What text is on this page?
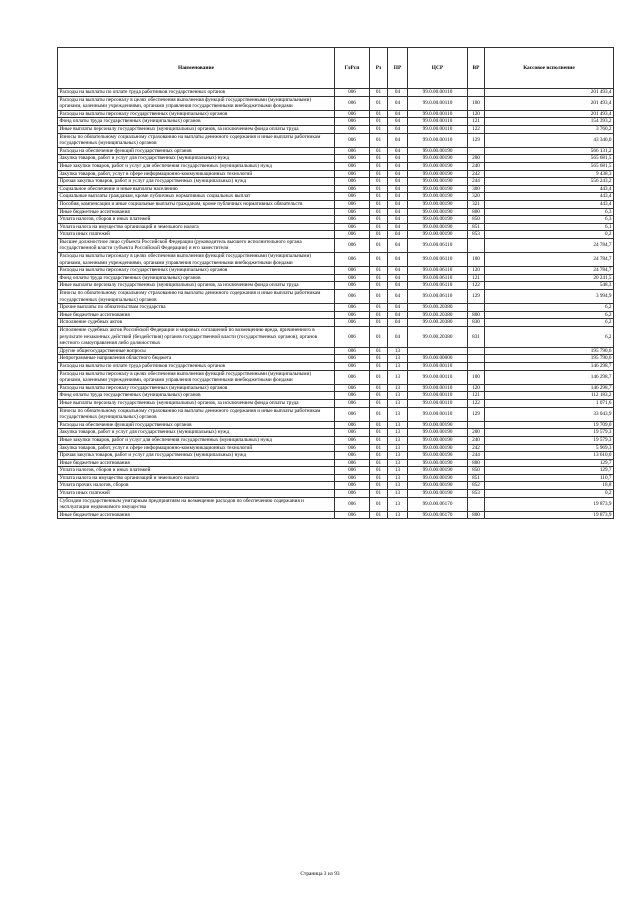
Наименование	ГлРсп	Рз	ПР	ЦСР	ВР	Кассовое исполнение
Расходы на выплаты по оплате труда работников государственных органов	006	01	04	99.0.00.00110		201 493,4
Расходы на выплаты персоналу в целях обеспечения выполнения функций государственными (муниципальными) органами, казенными учреждениями, органами управления государственными внебюджетными фондами	006	01	04	99.0.00.00110	100	201 493,4
Расходы на выплаты персоналу государственных (муниципальных) органов	006	01	04	99.0.00.00110	120	201 493,4
Фонд оплаты труда государственных (муниципальных) органов	006	01	04	99.0.00.00110	121	154 393,2
Иные выплаты персоналу государственных (муниципальных) органов, за исключением фонда оплаты труда	006	01	04	99.0.00.00110	122	3 760,2
Взносы по обязательному социальному страхованию на выплаты денежного содержания и иные выплаты работникам государственных (муниципальных) органов	006	01	04	99.0.00.00110	129	43 340,0
Расходы на обеспечение функций государственных органов	006	01	04	99.0.00.00190		566 131,2
Закупка товаров, работ и услуг для государственных (муниципальных) нужд	006	01	04	99.0.00.00190	200	565 681,5
Иные закупки товаров, работ и услуг для обеспечения государственных (муниципальных) нужд	006	01	04	99.0.00.00190	240	565 681,5
Закупка товаров, работ, услуг в сфере информационно-коммуникационных технологий	006	01	04	99.0.00.00190	242	9 438,3
Прочая закупка товаров, работ и услуг для государственных (муниципальных) нужд	006	01	04	99.0.00.00190	244	556 243,2
Социальное обеспечение и иные выплаты населению	006	01	04	99.0.00.00190	300	443,4
Социальные выплаты гражданам, кроме публичных нормативных социальных выплат	006	01	04	99.0.00.00190	320	443,4
Пособия, компенсации и иные социальные выплаты гражданам, кроме публичных нормативных обязательств	006	01	04	99.0.00.00190	321	443,4
Иные бюджетные ассигнования	006	01	04	99.0.00.00190	800	6,3
Уплата налогов, сборов и иных платежей	006	01	04	99.0.00.00190	850	6,3
Уплата налога на имущество организаций и земельного налога	006	01	04	99.0.00.00190	851	6,1
Уплата иных платежей	006	01	04	99.0.00.00190	853	0,2
Высшее должностное лицо субъекта Российской Федерации (руководитель высшего исполнительного органа государственной власти субъекта Российской Федерации) и его заместители	006	01	04	99.0.00.06110		24 784,7
Расходы на выплаты персоналу в целях обеспечения выполнения функций государственными (муниципальными) органами, казенными учреждениями, органами управления государственными внебюджетными фондами	006	01	04	99.0.00.06110	100	24 784,7
Расходы на выплаты персоналу государственных (муниципальных) органов	006	01	04	99.0.00.06110	120	24 784,7
Фонд оплаты труда государственных (муниципальных) органов	006	01	04	99.0.00.06110	121	20 241,5
Иные выплаты персоналу государственных (муниципальных) органов, за исключением фонда оплаты труда	006	01	04	99.0.00.06110	122	548,3
Взносы по обязательному социальному страхованию на выплаты денежного содержания и иные выплаты работникам государственных (муниципальных) органов	006	01	04	99.0.00.06110	129	3 994,9
Прочие выплаты по обязательствам государства	006	01	04	99.0.00.20380		6,2
Иные бюджетные ассигнования	006	01	04	99.0.00.20380	800	6,2
Исполнение судебных актов	006	01	04	99.0.00.20380	830	6,2
Исполнение судебных актов Российской Федерации и мировых соглашений по возмещению вреда, причиненного в результате незаконных действий (бездействия) органов государственной власти (государственных органов), органов местного самоуправления либо должностных	006	01	04	99.0.00.20380	831	6,2
Другие общегосударственные вопросы	006	01	13			195 790,6
Непрограммные направления областного бюджета	006	01	13	99.0.00.00000		195 790,6
Расходы на выплаты по оплате труда работников государственных органов	006	01	13	99.0.00.00110		146 298,7
Расходы на выплаты персоналу в целях обеспечения выполнения функций государственными (муниципальными) органами, казенными учреждениями, органами управления государственными внебюджетными фондами	006	01	13	99.0.00.00110	100	146 298,7
Расходы на выплаты персоналу государственных (муниципальных) органов	006	01	13	99.0.00.00110	120	146 298,7
Фонд оплаты труда государственных (муниципальных) органов	006	01	13	99.0.00.00110	121	112 183,2
Иные выплаты персоналу государственных (муниципальных) органов, за исключением фонда оплаты труда	006	01	13	99.0.00.00110	122	1 071,6
Взносы по обязательному социальному страхованию на выплаты денежного содержания и иные выплаты работникам государственных (муниципальных) органов	006	01	13	99.0.00.00110	129	33 043,9
Расходы на обеспечение функций государственных органов	006	01	13	99.0.00.00190		19 709,0
Закупка товаров, работ и услуг для государственных (муниципальных) нужд	006	01	13	99.0.00.00190	200	19 579,3
Иные закупки товаров, работ и услуг для обеспечения государственных (муниципальных) нужд	006	01	13	99.0.00.00190	240	19 579,3
Закупка товаров, работ, услуг в сфере информационно-коммуникационных технологий	006	01	13	99.0.00.00190	242	5 969,3
Прочая закупка товаров, работ и услуг для государственных (муниципальных) нужд	006	01	13	99.0.00.00190	244	13 610,0
Иные бюджетные ассигнования	006	01	13	99.0.00.00190	800	129,7
Уплата налогов, сборов и иных платежей	006	01	13	99.0.00.00190	850	129,7
Уплата налога на имущество организаций и земельного налога	006	01	13	99.0.00.00190	851	110,7
Уплата прочих налогов, сборов	006	01	13	99.0.00.00190	852	18,8
Уплата иных платежей	006	01	13	99.0.00.00190	853	0,2
Субсидии государственным унитарным предприятиям на возмещение расходов по обеспечению содержания и эксплуатации недвижимого имущества	006	01	13	99.0.00.06170		19 873,9
Иные бюджетные ассигнования	006	01	13	99.0.00.06170	800	19 873,9
Страница 3 из 93
